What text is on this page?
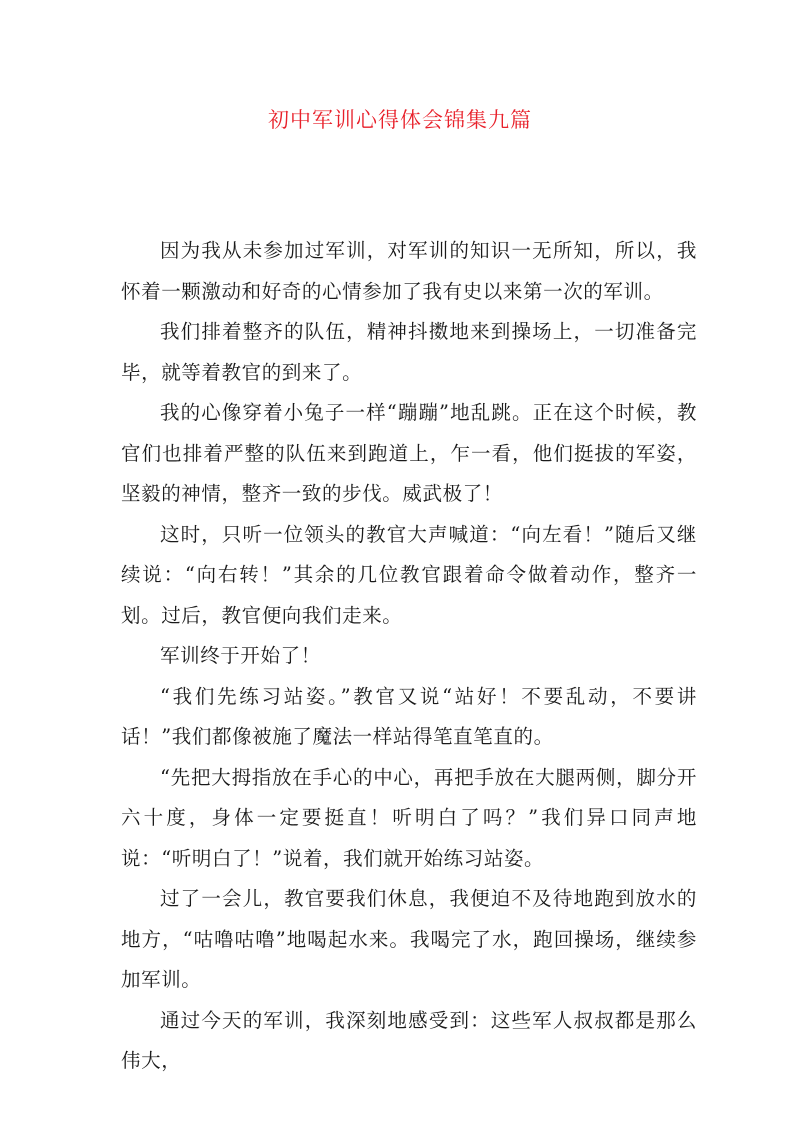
初中军训心得体会锦集九篇

因为我从未参加过军训，对军训的知识一无所知，所以，我怀着一颗激动和好奇的心情参加了我有史以来第一次的军训。

我们排着整齐的队伍，精神抖擞地来到操场上，一切准备完毕，就等着教官的到来了。

我的心像穿着小兔子一样“蹦蹦”地乱跳。正在这个时候，教官们也排着严整的队伍来到跑道上，乍一看，他们挺拔的军姿，坚毅的神情，整齐一致的步伐。威武极了！

这时，只听一位领头的教官大声喊道：“向左看！”随后又继续说：“向右转！”其余的几位教官跟着命令做着动作，整齐一划。过后，教官便向我们走来。

军训终于开始了！

“我们先练习站姿。”教官又说“站好！不要乱动，不要讲话！”我们都像被施了魔法一样站得笔直笔直的。

“先把大拇指放在手心的中心，再把手放在大腿两侧，脚分开六十度，身体一定要挺直！听明白了吗？”我们异口同声地说：“听明白了！”说着，我们就开始练习站姿。

过了一会儿，教官要我们休息，我便迫不及待地跑到放水的地方，“咕噜咕噜”地喝起水来。我喝完了水，跑回操场，继续参加军训。

通过今天的军训，我深刻地感受到：这些军人叔叔都是那么伟大，
